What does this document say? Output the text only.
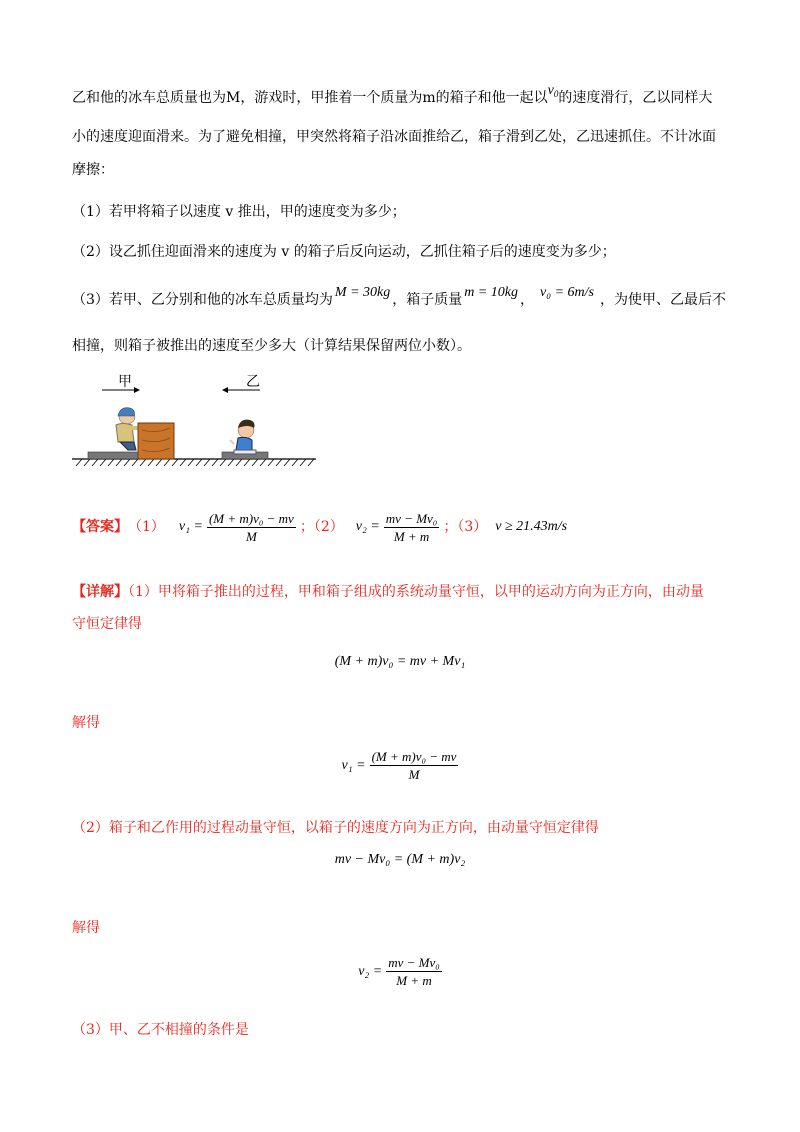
乙和他的冰车总质量也为M，游戏时，甲推着一个质量为m的箱子和他一起以$v_0$的速度滑行，乙以同样大
小的速度迎面滑来。为了避免相撞，甲突然将箱子沿冰面推给乙，箱子滑到乙处，乙迅速抓住。不计冰面
摩擦：
（1）若甲将箱子以速度 v 推出，甲的速度变为多少；
（2）设乙抓住迎面滑来的速度为 v 的箱子后反向运动，乙抓住箱子后的速度变为多少；
（3）若甲、乙分别和他的冰车总质量均为 M = 30kg ，箱子质量 m = 10kg ， v₀ = 6m/s ，为使甲、乙最后不
相撞，则箱子被推出的速度至少多大（计算结果保留两位小数）。
甲	乙
【答案】 （1） $v_1 = \frac{\text{(M + m)v₀ − mv}}{M}$ ；（2） $v_2 = \frac{\text{mv − Mv₀}}{M + m}$ ；（3） v ≥ 21.43m/s
【详解】（1）甲将箱子推出的过程，甲和箱子组成的系统动量守恒，以甲的运动方向为正方向，由动量
守恒定律得
(M + m)v₀ = mv + Mv₁
解得
$v_1 = \frac{\text{(M + m)v₀ − mv}}{M}$
（2）箱子和乙作用的过程动量守恒，以箱子的速度方向为正方向，由动量守恒定律得
mv − Mv₀ = (M + m)v₂
解得
$v_2 = \frac{\text{mv − Mv₀}}{M + m}$
（3）甲、乙不相撞的条件是
